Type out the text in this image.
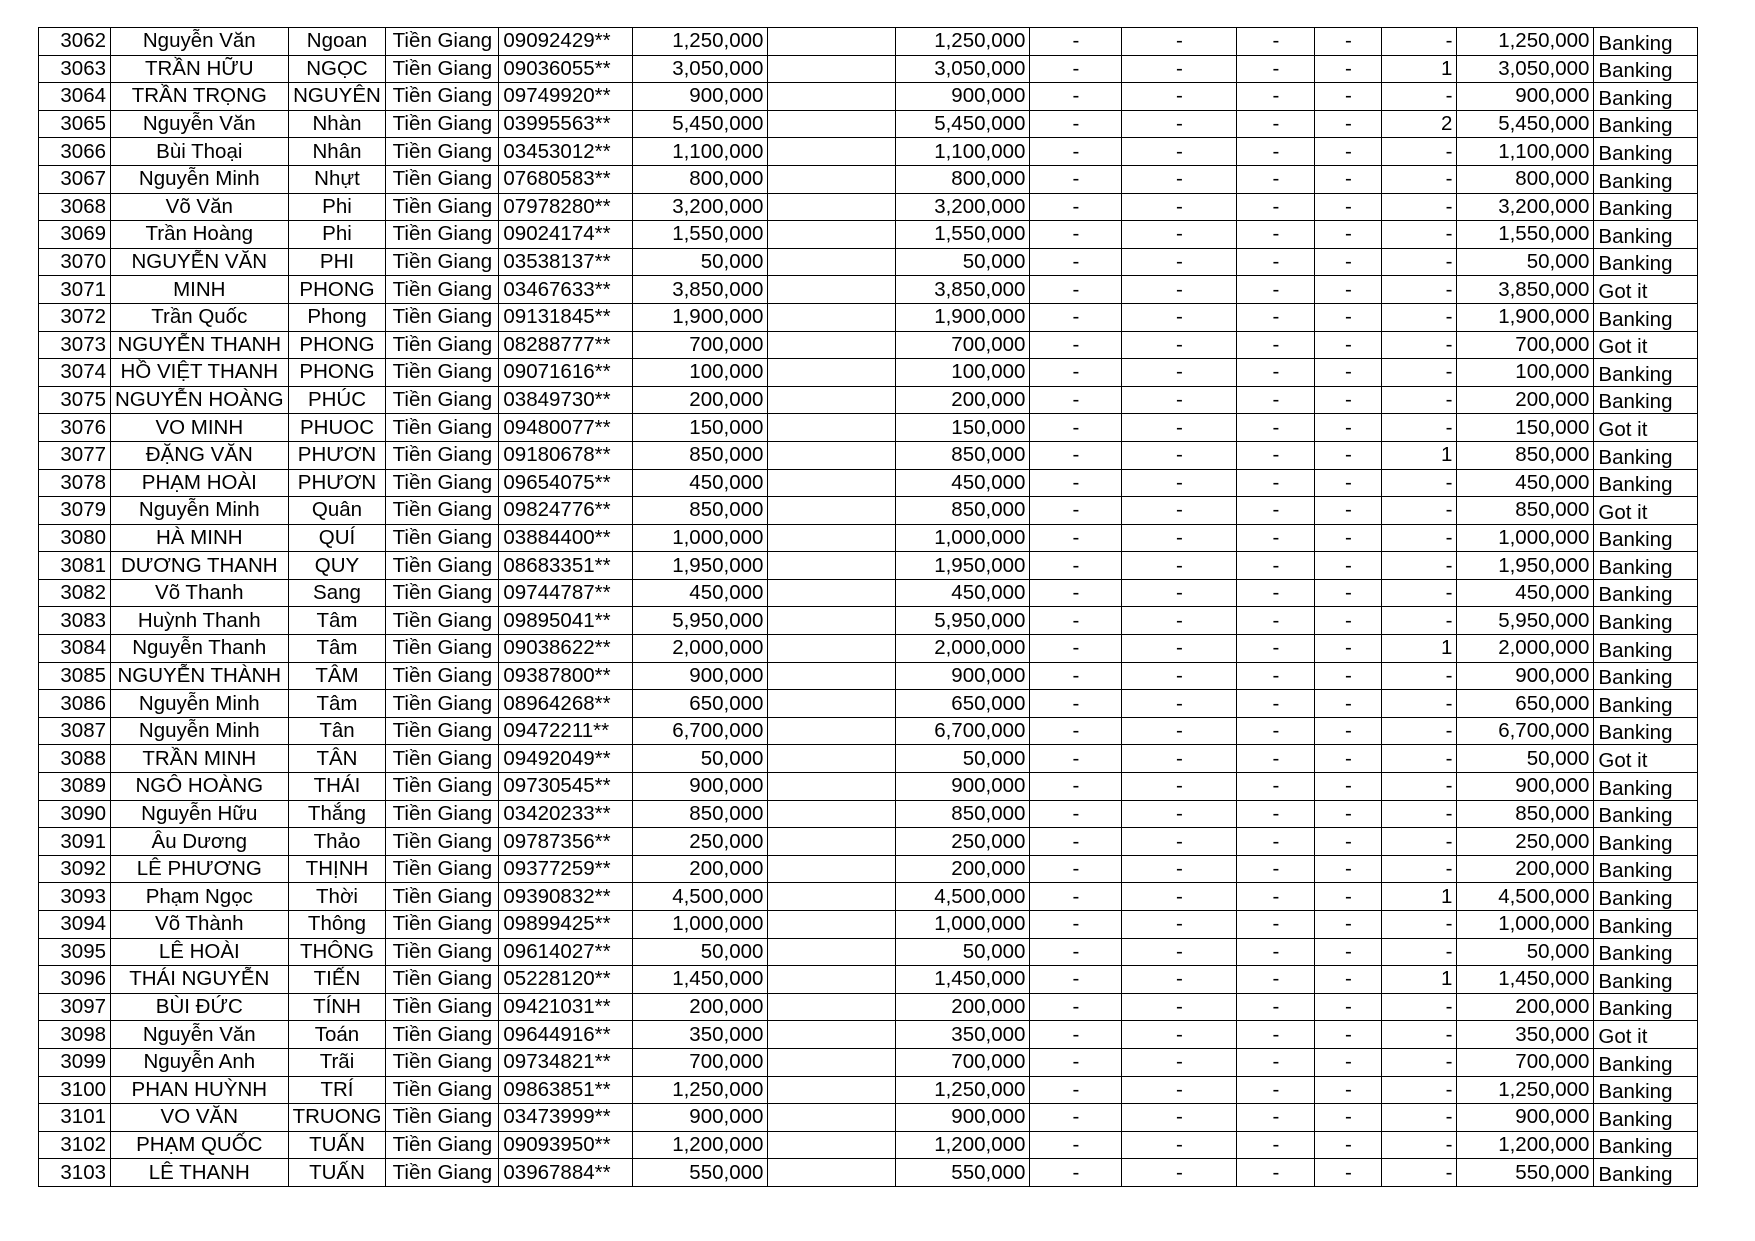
3062	Nguyễn Văn	Ngoan	Tiền Giang	09092429**	1,250,000		1,250,000	-	-	-	-	-	1,250,000	Banking
3063	TRẦN HỮU	NGỌC	Tiền Giang	09036055**	3,050,000		3,050,000	-	-	-	-	1	3,050,000	Banking
3064	TRẦN TRỌNG	NGUYÊN	Tiền Giang	09749920**	900,000		900,000	-	-	-	-	-	900,000	Banking
3065	Nguyễn Văn	Nhàn	Tiền Giang	03995563**	5,450,000		5,450,000	-	-	-	-	2	5,450,000	Banking
3066	Bùi Thoại	Nhân	Tiền Giang	03453012**	1,100,000		1,100,000	-	-	-	-	-	1,100,000	Banking
3067	Nguyễn Minh	Nhựt	Tiền Giang	07680583**	800,000		800,000	-	-	-	-	-	800,000	Banking
3068	Võ Văn	Phi	Tiền Giang	07978280**	3,200,000		3,200,000	-	-	-	-	-	3,200,000	Banking
3069	Trần Hoàng	Phi	Tiền Giang	09024174**	1,550,000		1,550,000	-	-	-	-	-	1,550,000	Banking
3070	NGUYỄN VĂN	PHI	Tiền Giang	03538137**	50,000		50,000	-	-	-	-	-	50,000	Banking
3071	MINH	PHONG	Tiền Giang	03467633**	3,850,000		3,850,000	-	-	-	-	-	3,850,000	Got it
3072	Trần Quốc	Phong	Tiền Giang	09131845**	1,900,000		1,900,000	-	-	-	-	-	1,900,000	Banking
3073	NGUYỄN THANH	PHONG	Tiền Giang	08288777**	700,000		700,000	-	-	-	-	-	700,000	Got it
3074	HỒ VIỆT THANH	PHONG	Tiền Giang	09071616**	100,000		100,000	-	-	-	-	-	100,000	Banking
3075	NGUYỄN HOÀNG	PHÚC	Tiền Giang	03849730**	200,000		200,000	-	-	-	-	-	200,000	Banking
3076	VO MINH	PHUOC	Tiền Giang	09480077**	150,000		150,000	-	-	-	-	-	150,000	Got it
3077	ĐẶNG VĂN	PHƯƠN	Tiền Giang	09180678**	850,000		850,000	-	-	-	-	1	850,000	Banking
3078	PHẠM HOÀI	PHƯƠN	Tiền Giang	09654075**	450,000		450,000	-	-	-	-	-	450,000	Banking
3079	Nguyễn Minh	Quân	Tiền Giang	09824776**	850,000		850,000	-	-	-	-	-	850,000	Got it
3080	HÀ MINH	QUÍ	Tiền Giang	03884400**	1,000,000		1,000,000	-	-	-	-	-	1,000,000	Banking
3081	DƯƠNG THANH	QUY	Tiền Giang	08683351**	1,950,000		1,950,000	-	-	-	-	-	1,950,000	Banking
3082	Võ Thanh	Sang	Tiền Giang	09744787**	450,000		450,000	-	-	-	-	-	450,000	Banking
3083	Huỳnh Thanh	Tâm	Tiền Giang	09895041**	5,950,000		5,950,000	-	-	-	-	-	5,950,000	Banking
3084	Nguyễn Thanh	Tâm	Tiền Giang	09038622**	2,000,000		2,000,000	-	-	-	-	1	2,000,000	Banking
3085	NGUYỄN THÀNH	TÂM	Tiền Giang	09387800**	900,000		900,000	-	-	-	-	-	900,000	Banking
3086	Nguyễn Minh	Tâm	Tiền Giang	08964268**	650,000		650,000	-	-	-	-	-	650,000	Banking
3087	Nguyễn Minh	Tân	Tiền Giang	09472211**	6,700,000		6,700,000	-	-	-	-	-	6,700,000	Banking
3088	TRẦN MINH	TÂN	Tiền Giang	09492049**	50,000		50,000	-	-	-	-	-	50,000	Got it
3089	NGÔ HOÀNG	THÁI	Tiền Giang	09730545**	900,000		900,000	-	-	-	-	-	900,000	Banking
3090	Nguyễn Hữu	Thắng	Tiền Giang	03420233**	850,000		850,000	-	-	-	-	-	850,000	Banking
3091	Âu Dương	Thảo	Tiền Giang	09787356**	250,000		250,000	-	-	-	-	-	250,000	Banking
3092	LÊ PHƯƠNG	THỊNH	Tiền Giang	09377259**	200,000		200,000	-	-	-	-	-	200,000	Banking
3093	Phạm Ngọc	Thời	Tiền Giang	09390832**	4,500,000		4,500,000	-	-	-	-	1	4,500,000	Banking
3094	Võ Thành	Thông	Tiền Giang	09899425**	1,000,000		1,000,000	-	-	-	-	-	1,000,000	Banking
3095	LÊ HOÀI	THÔNG	Tiền Giang	09614027**	50,000		50,000	-	-	-	-	-	50,000	Banking
3096	THÁI NGUYỄN	TIẾN	Tiền Giang	05228120**	1,450,000		1,450,000	-	-	-	-	1	1,450,000	Banking
3097	BÙI ĐỨC	TÍNH	Tiền Giang	09421031**	200,000		200,000	-	-	-	-	-	200,000	Banking
3098	Nguyễn Văn	Toán	Tiền Giang	09644916**	350,000		350,000	-	-	-	-	-	350,000	Got it
3099	Nguyễn Anh	Trãi	Tiền Giang	09734821**	700,000		700,000	-	-	-	-	-	700,000	Banking
3100	PHAN HUỲNH	TRÍ	Tiền Giang	09863851**	1,250,000		1,250,000	-	-	-	-	-	1,250,000	Banking
3101	VO VĂN	TRUONG	Tiền Giang	03473999**	900,000		900,000	-	-	-	-	-	900,000	Banking
3102	PHẠM QUỐC	TUẤN	Tiền Giang	09093950**	1,200,000		1,200,000	-	-	-	-	-	1,200,000	Banking
3103	LÊ THANH	TUẤN	Tiền Giang	03967884**	550,000		550,000	-	-	-	-	-	550,000	Banking
